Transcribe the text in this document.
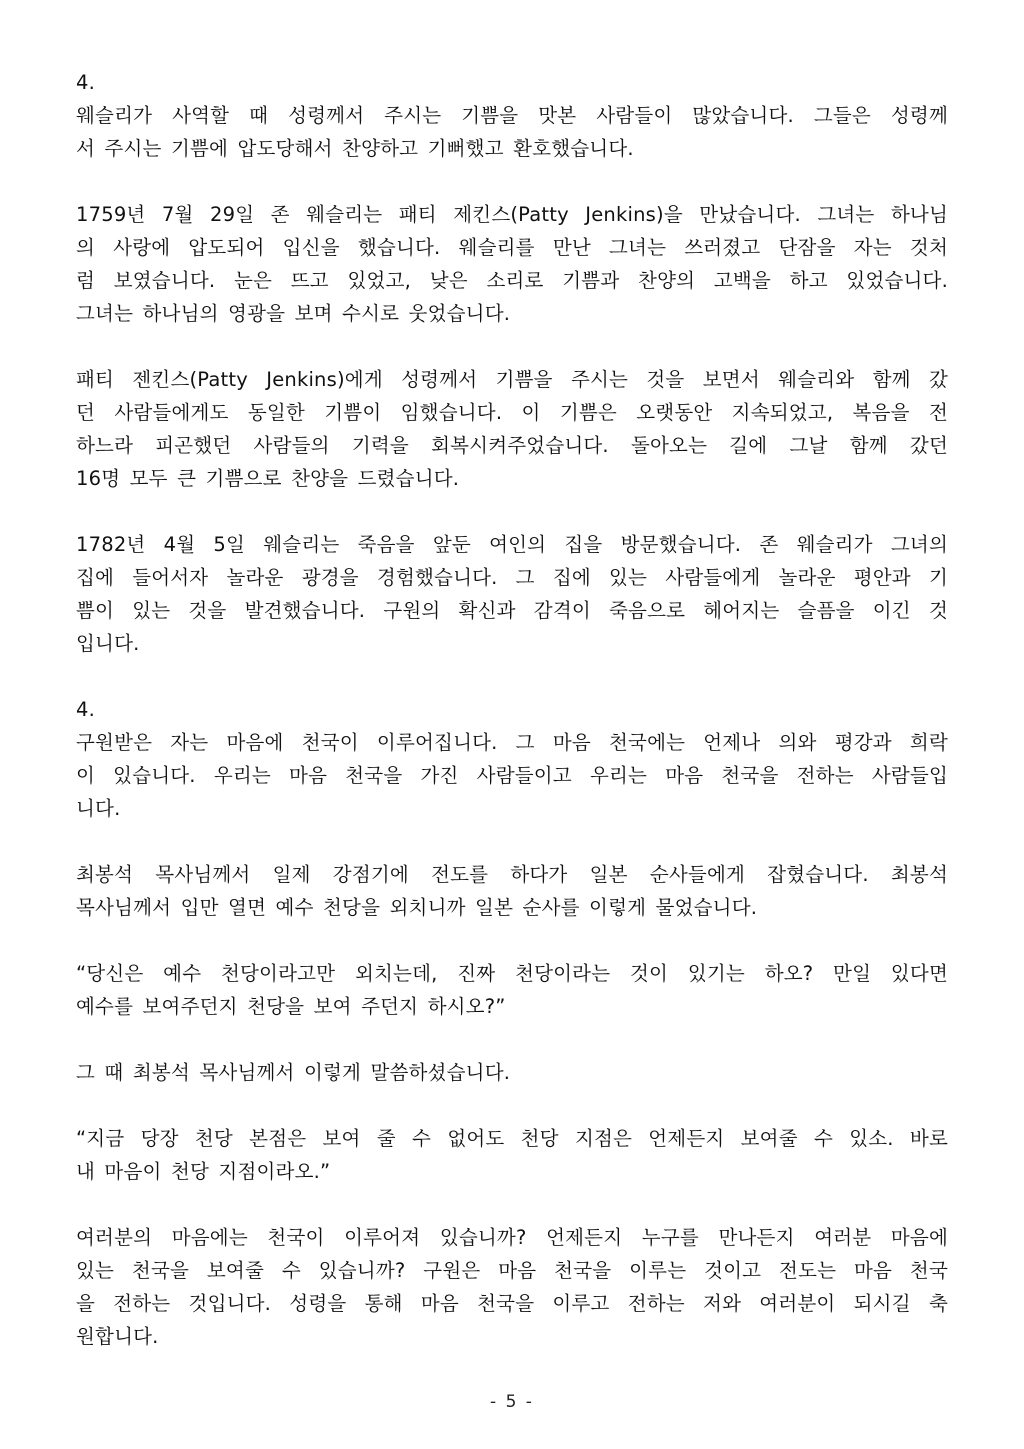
4.
웨슬리가 사역할 때 성령께서 주시는 기쁨을 맛본 사람들이 많았습니다. 그들은 성령께
서 주시는 기쁨에 압도당해서 찬양하고 기뻐했고 환호했습니다.
1759년 7월 29일 존 웨슬리는 패티 제킨스(Patty Jenkins)을 만났습니다. 그녀는 하나님
의 사랑에 압도되어 입신을 했습니다. 웨슬리를 만난 그녀는 쓰러졌고 단잠을 자는 것처
럼 보였습니다. 눈은 뜨고 있었고, 낮은 소리로 기쁨과 찬양의 고백을 하고 있었습니다.
그녀는 하나님의 영광을 보며 수시로 웃었습니다.
패티 젠킨스(Patty Jenkins)에게 성령께서 기쁨을 주시는 것을 보면서 웨슬리와 함께 갔
던 사람들에게도 동일한 기쁨이 임했습니다. 이 기쁨은 오랫동안 지속되었고, 복음을 전
하느라 피곤했던 사람들의 기력을 회복시켜주었습니다. 돌아오는 길에 그날 함께 갔던
16명 모두 큰 기쁨으로 찬양을 드렸습니다.
1782년 4월 5일 웨슬리는 죽음을 앞둔 여인의 집을 방문했습니다. 존 웨슬리가 그녀의
집에 들어서자 놀라운 광경을 경험했습니다. 그 집에 있는 사람들에게 놀라운 평안과 기
쁨이 있는 것을 발견했습니다. 구원의 확신과 감격이 죽음으로 헤어지는 슬픔을 이긴 것
입니다.
4.
구원받은 자는 마음에 천국이 이루어집니다. 그 마음 천국에는 언제나 의와 평강과 희락
이 있습니다. 우리는 마음 천국을 가진 사람들이고 우리는 마음 천국을 전하는 사람들입
니다.
최봉석 목사님께서 일제 강점기에 전도를 하다가 일본 순사들에게 잡혔습니다. 최봉석
목사님께서 입만 열면 예수 천당을 외치니까 일본 순사를 이렇게 물었습니다.
“당신은 예수 천당이라고만 외치는데, 진짜 천당이라는 것이 있기는 하오? 만일 있다면
예수를 보여주던지 천당을 보여 주던지 하시오?”
그 때 최봉석 목사님께서 이렇게 말씀하셨습니다.
“지금 당장 천당 본점은 보여 줄 수 없어도 천당 지점은 언제든지 보여줄 수 있소. 바로
내 마음이 천당 지점이라오.”
여러분의 마음에는 천국이 이루어져 있습니까? 언제든지 누구를 만나든지 여러분 마음에
있는 천국을 보여줄 수 있습니까? 구원은 마음 천국을 이루는 것이고 전도는 마음 천국
을 전하는 것입니다. 성령을 통해 마음 천국을 이루고 전하는 저와 여러분이 되시길 축
원합니다.
- 5 -
